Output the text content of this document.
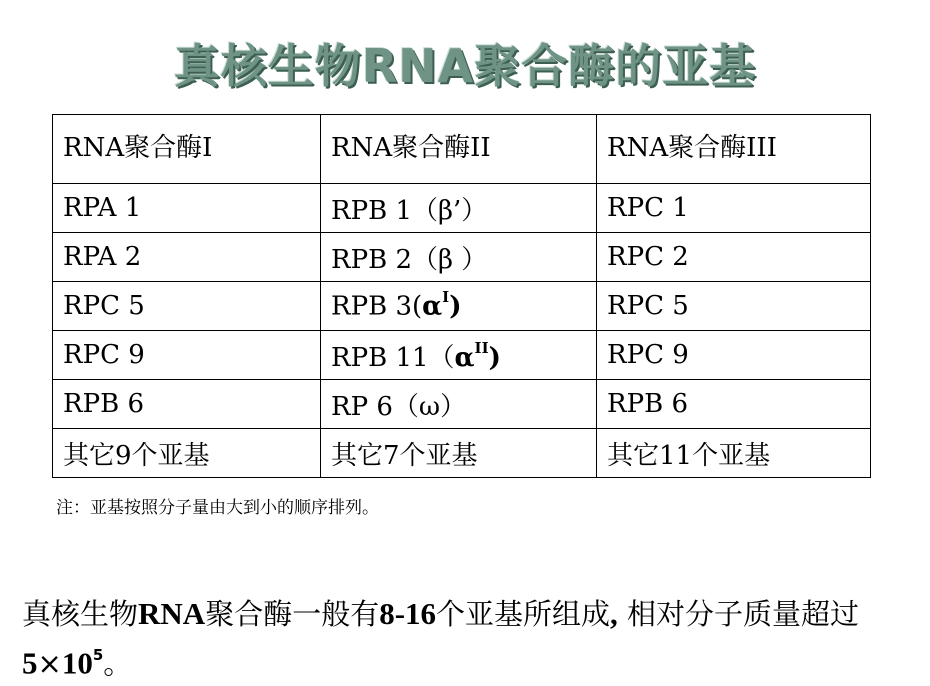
真核生物RNA聚合酶的亚基
RNA聚合酶I	RNA聚合酶II	RNA聚合酶III
RPA 1	RPB 1（β’）	RPC 1
RPA 2	RPB 2（β ）	RPC 2
RPC 5	RPB $3(\alpha^I)$	RPC 5
RPC 9	RPB $11(\alpha^{II})$	RPC 9
RPB 6	RP 6（ω）	RPB 6
其它9个亚基	其它7个亚基	其它11个亚基
注：亚基按照分子量由大到小的顺序排列。
真核生物RNA聚合酶一般有8-16个亚基所组成, 相对分子质量超过$5\times 10^5$。
